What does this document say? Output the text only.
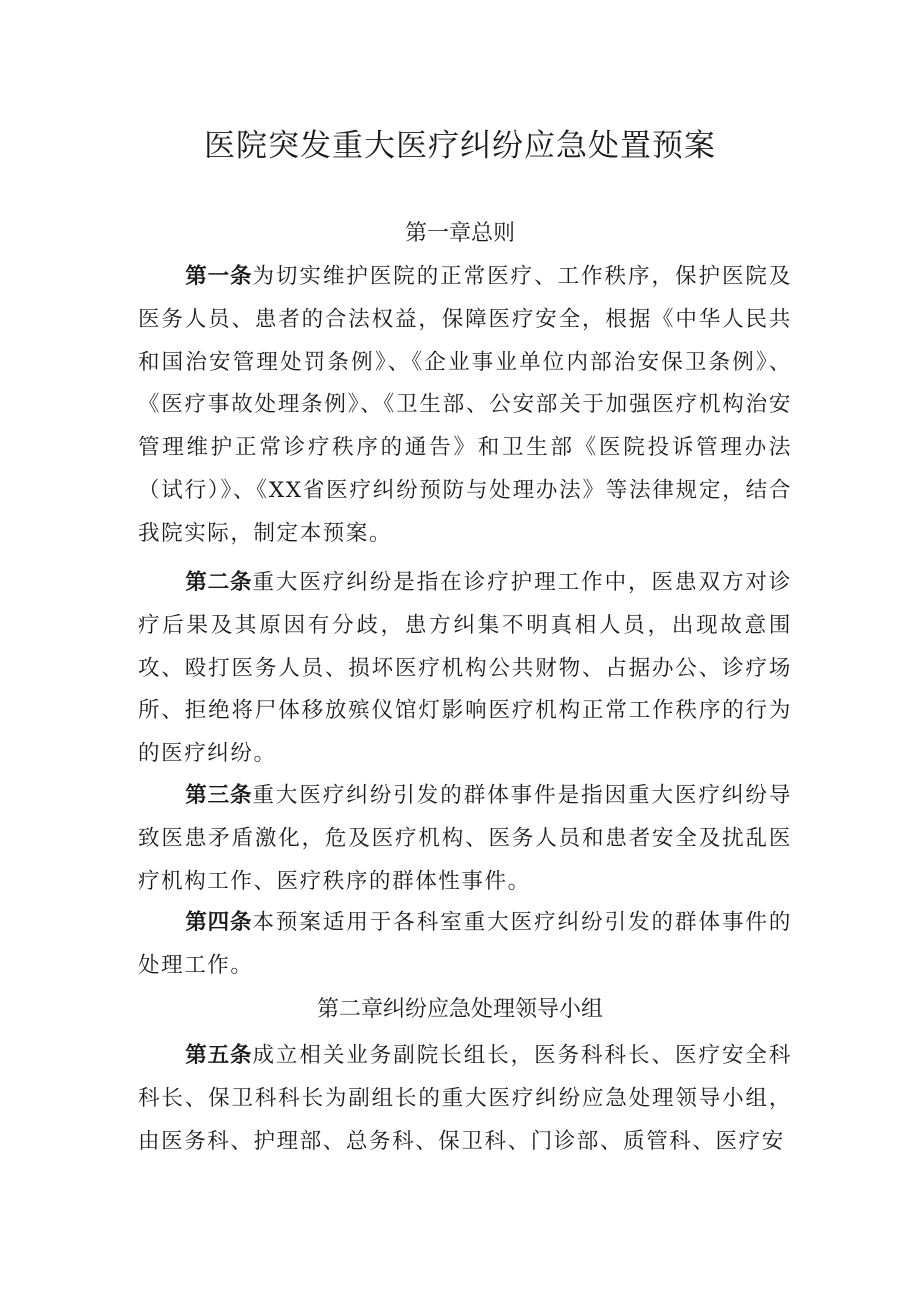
医院突发重大医疗纠纷应急处置预案
第一章总则

第一条为切实维护医院的正常医疗、工作秩序，保护医院及医务人员、患者的合法权益，保障医疗安全，根据《中华人民共和国治安管理处罚条例》、《企业事业单位内部治安保卫条例》、《医疗事故处理条例》、《卫生部、公安部关于加强医疗机构治安管理维护正常诊疗秩序的通告》和卫生部《医院投诉管理办法（试行）》、《XX省医疗纠纷预防与处理办法》等法律规定，结合我院实际，制定本预案。

第二条重大医疗纠纷是指在诊疗护理工作中，医患双方对诊疗后果及其原因有分歧，患方纠集不明真相人员，出现故意围攻、殴打医务人员、损坏医疗机构公共财物、占据办公、诊疗场所、拒绝将尸体移放殡仪馆灯影响医疗机构正常工作秩序的行为的医疗纠纷。

第三条重大医疗纠纷引发的群体事件是指因重大医疗纠纷导致医患矛盾激化，危及医疗机构、医务人员和患者安全及扰乱医疗机构工作、医疗秩序的群体性事件。

第四条本预案适用于各科室重大医疗纠纷引发的群体事件的处理工作。

第二章纠纷应急处理领导小组

第五条成立相关业务副院长组长，医务科科长、医疗安全科科长、保卫科科长为副组长的重大医疗纠纷应急处理领导小组，由医务科、护理部、总务科、保卫科、门诊部、质管科、医疗安
